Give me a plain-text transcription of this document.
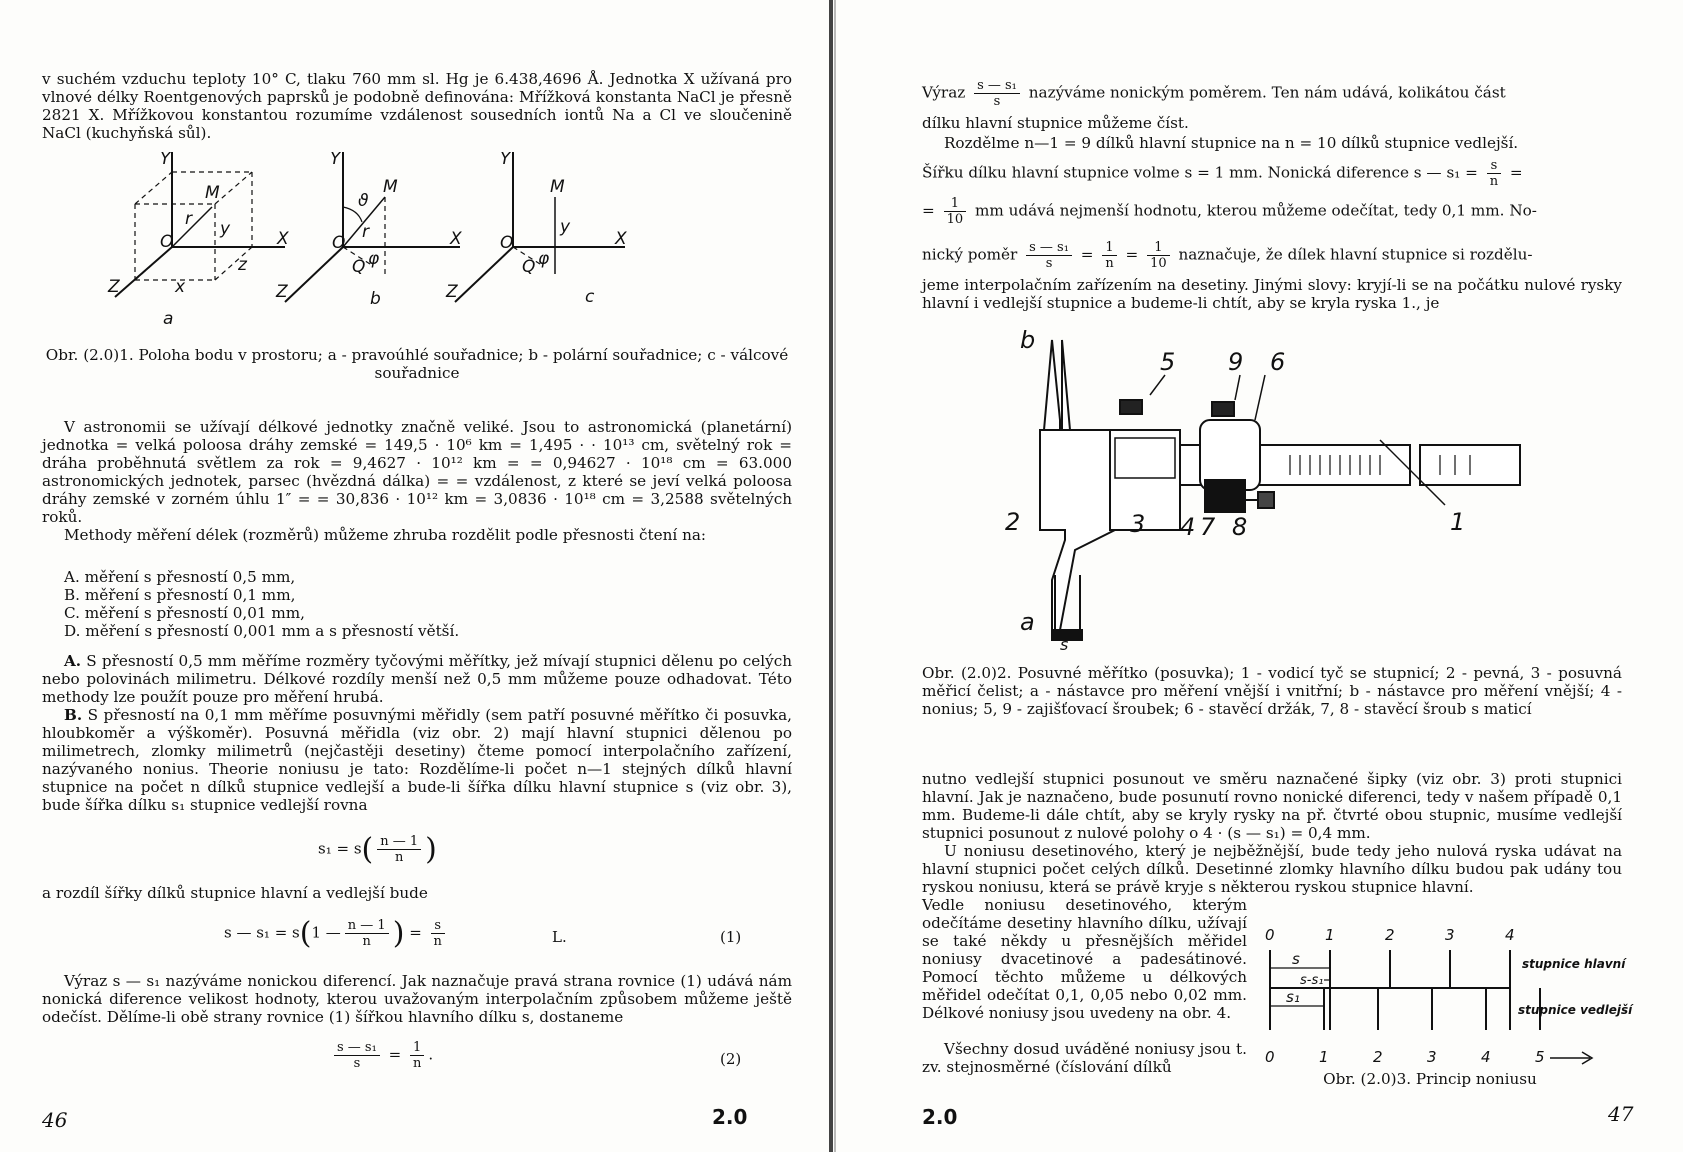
v suchém vzduchu teploty 10° C, tlaku 760 mm sl. Hg je 6.438,4696 Å. Jednotka X užívaná pro vlnové délky Roentgenových paprsků je podobně definována: Mřížková konstanta NaCl je přesně 2821 X. Mřížkovou konstantou rozumíme vzdálenost sousedních iontů Na a Cl ve sloučenině NaCl (kuchyňská sůl).

Y
X
Z
O
M
r y
x
z
a
Y
X
Z
O
M
r
ϑ
φ
Q
b
Y
X
Z
O
M
y
φ
Q
c
Obr. (2.0)1. Poloha bodu v prostoru; a - pravoúhlé souřadnice; b - polární souřadnice; c - válcové souřadnice

V astronomii se užívají délkové jednotky značně veliké. Jsou to astronomická (planetární) jednotka = velká poloosa dráhy zemské = 149,5 · 10⁶ km = 1,495 · · 10¹³ cm, světelný rok = dráha proběhnutá světlem za rok = 9,4627 · 10¹² km = = 0,94627 · 10¹⁸ cm = 63.000 astronomických jednotek, parsec (hvězdná dálka) = = vzdálenost, z které se jeví velká poloosa dráhy zemské v zorném úhlu 1″ = = 30,836 · 10¹² km = 3,0836 · 10¹⁸ cm = 3,2588 světelných roků.

Methody měření délek (rozměrů) můžeme zhruba rozdělit podle přesnosti čtení na:

A. měření s přesností 0,5 mm,
B. měření s přesností 0,1 mm,
C. měření s přesností 0,01 mm,
D. měření s přesností 0,001 mm a s přesností větší.

A. S přesností 0,5 mm měříme rozměry tyčovými měřítky, jež mívají stupnici dělenu po celých nebo polovinách milimetru. Délkové rozdíly menší než 0,5 mm můžeme pouze odhadovat. Této methody lze použít pouze pro měření hrubá.

B. S přesností na 0,1 mm měříme posuvnými měřidly (sem patří posuvné měřítko či posuvka, hloubkoměr a výškoměr). Posuvná měřidla (viz obr. 2) mají hlavní stupnici dělenou po milimetrech, zlomky milimetrů (nejčastěji desetiny) čteme pomocí interpolačního zařízení, nazývaného nonius. Theorie noniusu je tato: Rozdělíme-li počet n—1 stejných dílků hlavní stupnice na počet n dílků stupnice vedlejší a bude-li šířka dílku hlavní stupnice s (viz obr. 3), bude šířka dílku s₁ stupnice vedlejší rovna

$s_1 = s( \frac{n — 1}{n}$ )
a rozdíl šířky dílků stupnice hlavní a vedlejší bude
s — s₁ = s(1 — $\frac{n — 1}{n}$ ) = $\frac{s}{n}$	L.	(1)

Výraz s — s₁ nazýváme nonickou diferencí. Jak naznačuje pravá strana rovnice (1) udává nám nonická diference velikost hodnoty, kterou uvažovaným interpolačním způsobem můžeme ještě odečíst. Dělíme-li obě strany rovnice (1) šířkou hlavního dílku s, dostaneme

$\frac{\text{s — s₁}}{s} = \frac{1}{n}$ .	(2)
46	2.0
Výraz $\frac{\text{s — s₁}}{s}$ nazýváme nonickým poměrem. Ten nám udává, kolikátou část
dílku hlavní stupnice můžeme číst.
Rozdělme n—1 = 9 dílků hlavní stupnice na n = 10 dílků stupnice vedlejší.
Šířku dílku hlavní stupnice volme s = 1 mm. Nonická diference s — $s_1 = \frac{s}{n}$ =
= $\frac{1}{10}$ mm udává nejmenší hodnotu, kterou můžeme odečítat, tedy 0,1 mm. No-
nický poměr $\frac{\text{s — s₁}}{s} = \frac{1}{n} = \frac{1}{10}$ naznačuje, že dílek hlavní stupnice si rozdělu-
jeme interpolačním zařízením na desetiny. Jinými slovy: kryjí-li se na počátku nulové rysky hlavní i vedlejší stupnice a budeme-li chtít, aby se kryla ryska 1., je
b
5 9 6
2	3 4 7 8	1
a
s
Obr. (2.0)2. Posuvné měřítko (posuvka); 1 - vodicí tyč se stupnicí; 2 - pevná, 3 - posuvná měřicí čelist; a - nástavce pro měření vnější i vnitřní; b - nástavce pro měření vnější; 4 - nonius; 5, 9 - zajišťovací šroubek; 6 - stavěcí držák, 7, 8 - stavěcí šroub s maticí
nutno vedlejší stupnici posunout ve směru naznačené šipky (viz obr. 3) proti stupnici hlavní. Jak je naznačeno, bude posunutí rovno nonické diferenci, tedy v našem případě 0,1 mm. Budeme-li dále chtít, aby se kryly rysky na př. čtvrté obou stupnic, musíme vedlejší stupnici posunout z nulové polohy o 4 · (s — s₁) = 0,4 mm.
U noniusu desetinového, který je nejběžnější, bude tedy jeho nulová ryska udávat na hlavní stupnici počet celých dílků. Desetinné zlomky hlavního dílku budou pak udány tou ryskou noniusu, která se právě kryje s některou ryskou stupnice hlavní.
Vedle noniusu desetinového, kterým odečítáme desetiny hlavního dílku, užívají se také někdy u přesnějších měřidel noniusy dvacetinové a padesátinové. Pomocí těchto můžeme u délkových měřidel odečítat 0,1, 0,05 nebo 0,02 mm. Délkové noniusy jsou uvedeny na obr. 4.
Všechny dosud uváděné noniusy jsou t. zv. stejnosměrné (číslování dílků
0	1	2	3	4
0	1	2	3	4	5
s
s-s₁
s₁
stupnice hlavní
stupnice vedlejší
Obr. (2.0)3. Princip noniusu
2.0	47
